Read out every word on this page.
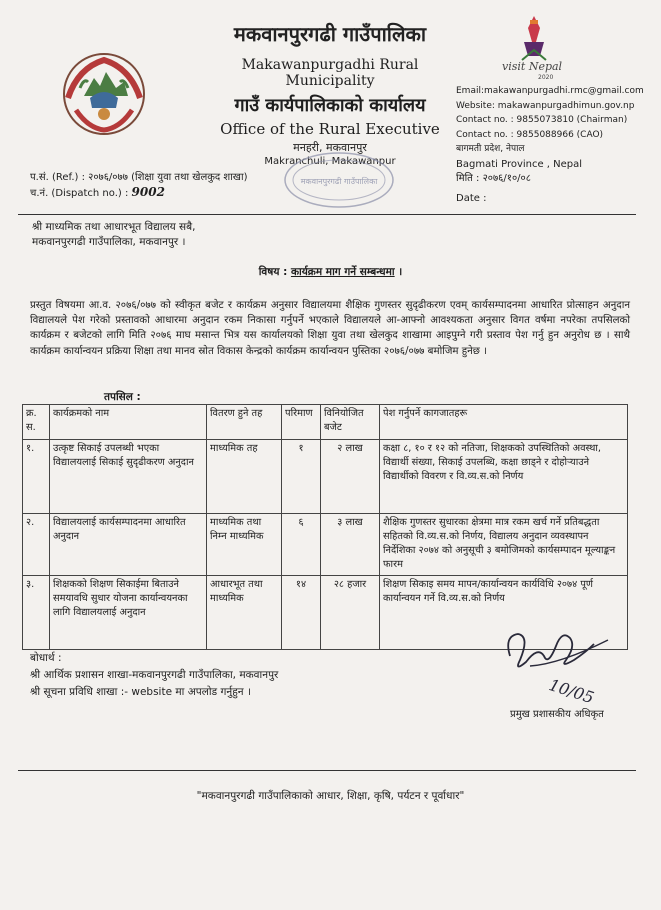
visit Nepal
2020
मकवानपुरगढी गाउँपालिका
Makawanpurgadhi Rural Municipality
गाउँ कार्यपालिकाको कार्यालय
Office of the Rural Executive
मनहरी, मकवानपुर
Makranchuli, Makawanpur
Email:makawanpurgadhi.rmc@gmail.com
Website: makawanpurgadhimun.gov.np
Contact no. : 9855073810 (Chairman)
Contact no. : 9855088966 (CAO)
बागमती प्रदेश, नेपाल
Bagmati Province , Nepal
मिति : २०७६/१०/०८
Date :
प.सं. (Ref.) : २०७६/०७७ (शिक्षा युवा तथा खेलकुद शाखा)
च.नं. (Dispatch no.) : 9002
मकवानपुरगढी गाउँपालिका
श्री माध्यमिक तथा आधारभूत विद्यालय सबै,
मकवानपुरगढी गाउँपालिका, मकवानपुर ।
विषय : कार्यक्रम माग गर्ने सम्बन्धमा ।
प्रस्तुत विषयमा आ.व. २०७६/०७७ को स्वीकृत बजेट र कार्यक्रम अनुसार विद्यालयमा शैक्षिक गुणस्तर सुदृढीकरण एवम् कार्यसम्पादनमा आधारित प्रोत्साहन अनुदान विद्यालयले पेश गरेको प्रस्तावको आधारमा अनुदान रकम निकासा गर्नुपर्ने भएकाले विद्यालयले आ-आफ्नो आवश्यकता अनुसार विगत वर्षमा नपरेका तपसिलको कार्यक्रम र बजेटको लागि मिति २०७६ माघ मसान्त भित्र यस कार्यालयको शिक्षा युवा तथा खेलकुद शाखामा आइपुग्ने गरी प्रस्ताव पेश गर्नु हुन अनुरोध छ । साथै कार्यक्रम कार्यान्वयन प्रक्रिया शिक्षा तथा मानव स्रोत विकास केन्द्रको कार्यक्रम कार्यान्वयन पुस्तिका २०७६/०७७ बमोजिम हुनेछ ।
तपसिल :
क्र. स.	कार्यक्रमको नाम	वितरण हुने तह	परिमाण	विनियोजित बजेट	पेश गर्नुपर्ने कागजातहरू
१.	उत्कृष्ट सिकाई उपलब्धी भएका विद्यालयलाई सिकाई सुदृढीकरण अनुदान	माध्यमिक तह	१	२ लाख	कक्षा ८, १० र १२ को नतिजा, शिक्षकको उपस्थितिको अवस्था, विद्यार्थी संख्या, सिकाई उपलब्धि, कक्षा छाड्ने र दोहोऱ्याउने विद्यार्थीको विवरण र वि.व्य.स.को निर्णय
२.	विद्यालयलाई कार्यसम्पादनमा आधारित अनुदान	माध्यमिक तथा निम्न माध्यमिक	६	३ लाख	शैक्षिक गुणस्तर सुधारका क्षेत्रमा मात्र रकम खर्च गर्ने प्रतिबद्धता सहितको वि.व्य.स.को निर्णय, विद्यालय अनुदान व्यवस्थापन निर्देशिका २०७४ को अनुसूची ३ बमोजिमको कार्यसम्पादन मूल्याङ्कन फारम
३.	शिक्षकको शिक्षण सिकाईमा बिताउने समयावधि सुधार योजना कार्यान्वयनका लागि विद्यालयलाई अनुदान	आधारभूत तथा माध्यमिक	१४	२८ हजार	शिक्षण सिकाइ समय मापन/कार्यान्वयन कार्यविधि २०७४ पूर्ण कार्यान्वयन गर्ने वि.व्य.स.को निर्णय
बोधार्थ :
श्री आर्थिक प्रशासन शाखा-मकवानपुरगढी गाउँपालिका, मकवानपुर
श्री सूचना प्रविधि शाखा :- website मा अपलोड गर्नुहुन ।	10/05
प्रमुख प्रशासकीय अधिकृत
"मकवानपुरगढी गाउँपालिकाको आधार, शिक्षा, कृषि, पर्यटन र पूर्वाधार"
